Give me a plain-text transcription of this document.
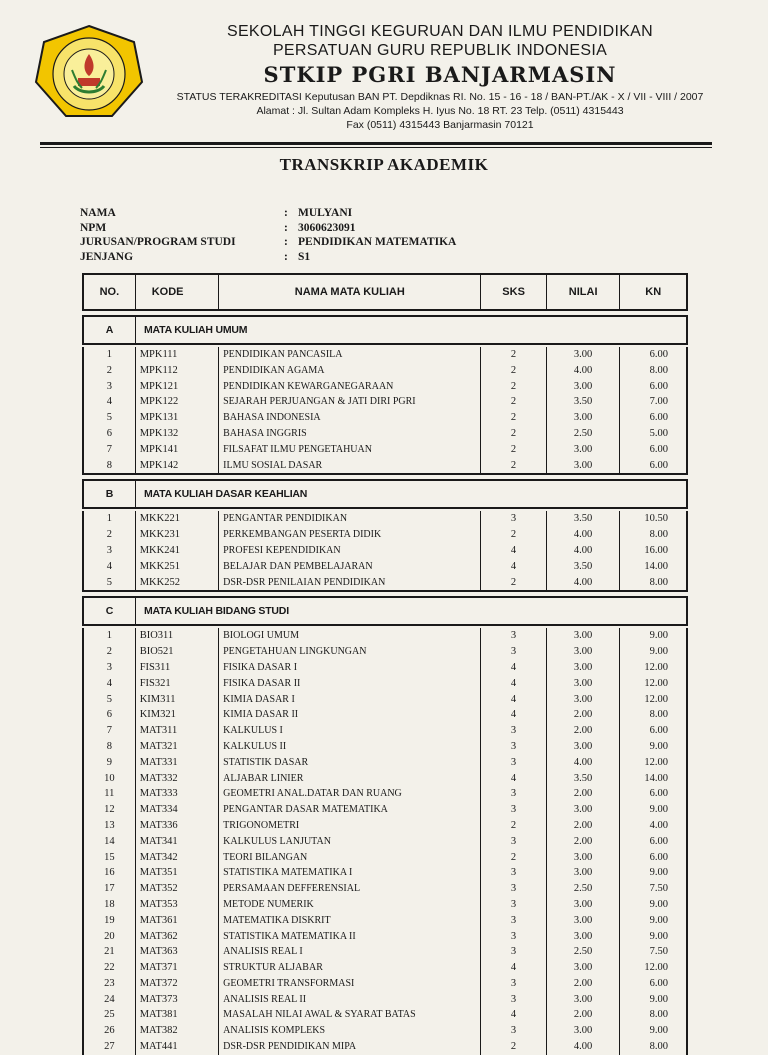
SEKOLAH TINGGI KEGURUAN DAN ILMU PENDIDIKAN
PERSATUAN GURU REPUBLIK INDONESIA
STKIP PGRI BANJARMASIN
STATUS TERAKREDITASI Keputusan BAN PT. Depdiknas RI. No. 15 - 16 - 18 / BAN-PT./AK - X / VII - VIII / 2007
Alamat : Jl. Sultan Adam Kompleks H. Iyus No. 18 RT. 23 Telp. (0511) 4315443
Fax (0511) 4315443 Banjarmasin 70121
TRANSKRIP AKADEMIK
NAMA	: MULYANI
NPM	: 3060623091
JURUSAN/PROGRAM STUDI	: PENDIDIKAN MATEMATIKA
JENJANG	: S1
NO.	KODE	NAMA MATA KULIAH	SKS	NILAI	KN
A	MATA KULIAH UMUM
1	MPK111	PENDIDIKAN PANCASILA	2	3.00	6.00
2	MPK112	PENDIDIKAN AGAMA	2	4.00	8.00
3	MPK121	PENDIDIKAN KEWARGANEGARAAN	2	3.00	6.00
4	MPK122	SEJARAH PERJUANGAN & JATI DIRI PGRI	2	3.50	7.00
5	MPK131	BAHASA INDONESIA	2	3.00	6.00
6	MPK132	BAHASA INGGRIS	2	2.50	5.00
7	MPK141	FILSAFAT ILMU PENGETAHUAN	2	3.00	6.00
8	MPK142	ILMU SOSIAL DASAR	2	3.00	6.00
B	MATA KULIAH DASAR KEAHLIAN
1	MKK221	PENGANTAR PENDIDIKAN	3	3.50	10.50
2	MKK231	PERKEMBANGAN PESERTA DIDIK	2	4.00	8.00
3	MKK241	PROFESI KEPENDIDIKAN	4	4.00	16.00
4	MKK251	BELAJAR DAN PEMBELAJARAN	4	3.50	14.00
5	MKK252	DSR-DSR PENILAIAN PENDIDIKAN	2	4.00	8.00
C	MATA KULIAH BIDANG STUDI
1	BIO311	BIOLOGI UMUM	3	3.00	9.00
2	BIO521	PENGETAHUAN LINGKUNGAN	3	3.00	9.00
3	FIS311	FISIKA DASAR I	4	3.00	12.00
4	FIS321	FISIKA DASAR II	4	3.00	12.00
5	KIM311	KIMIA DASAR I	4	3.00	12.00
6	KIM321	KIMIA DASAR II	4	2.00	8.00
7	MAT311	KALKULUS I	3	2.00	6.00
8	MAT321	KALKULUS II	3	3.00	9.00
9	MAT331	STATISTIK DASAR	3	4.00	12.00
10	MAT332	ALJABAR LINIER	4	3.50	14.00
11	MAT333	GEOMETRI ANAL.DATAR DAN RUANG	3	2.00	6.00
12	MAT334	PENGANTAR DASAR MATEMATIKA	3	3.00	9.00
13	MAT336	TRIGONOMETRI	2	2.00	4.00
14	MAT341	KALKULUS LANJUTAN	3	2.00	6.00
15	MAT342	TEORI BILANGAN	2	3.00	6.00
16	MAT351	STATISTIKA MATEMATIKA I	3	3.00	9.00
17	MAT352	PERSAMAAN DEFFERENSIAL	3	2.50	7.50
18	MAT353	METODE NUMERIK	3	3.00	9.00
19	MAT361	MATEMATIKA DISKRIT	3	3.00	9.00
20	MAT362	STATISTIKA MATEMATIKA II	3	3.00	9.00
21	MAT363	ANALISIS REAL I	3	2.50	7.50
22	MAT371	STRUKTUR ALJABAR	4	3.00	12.00
23	MAT372	GEOMETRI TRANSFORMASI	3	2.00	6.00
24	MAT373	ANALISIS REAL II	3	3.00	9.00
25	MAT381	MASALAH NILAI AWAL & SYARAT BATAS	4	2.00	8.00
26	MAT382	ANALISIS KOMPLEKS	3	3.00	9.00
27	MAT441	DSR-DSR PENDIDIKAN MIPA	2	4.00	8.00
